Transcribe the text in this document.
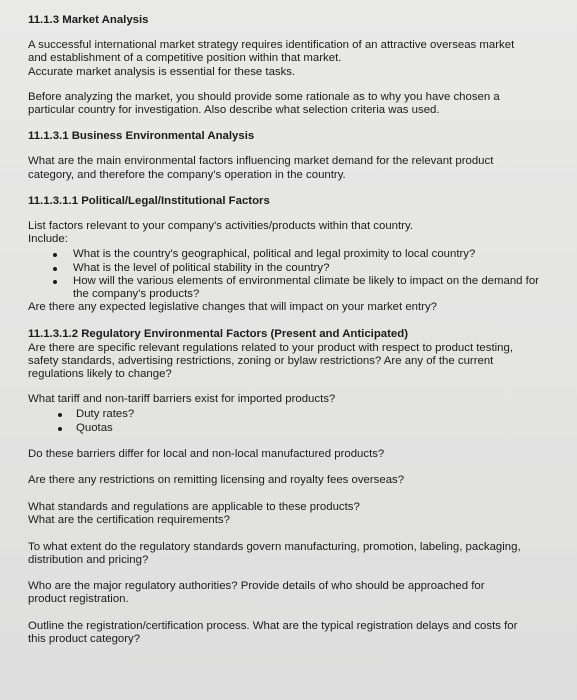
11.1.3 Market Analysis

A successful international market strategy requires identification of an attractive overseas market

and establishment of a competitive position within that market.

Accurate market analysis is essential for these tasks.

Before analyzing the market, you should provide some rationale as to why you have chosen a

particular country for investigation. Also describe what selection criteria was used.

11.1.3.1 Business Environmental Analysis

What are the main environmental factors influencing market demand for the relevant product

category, and therefore the company's operation in the country.

11.1.3.1.1 Political/Legal/Institutional Factors

List factors relevant to your company's activities/products within that country.

Include:

What is the country's geographical, political and legal proximity to local country?
What is the level of political stability in the country?
How will the various elements of environmental climate be likely to impact on the demand for the company's products?

Are there any expected legislative changes that will impact on your market entry?

11.1.3.1.2 Regulatory Environmental Factors (Present and Anticipated)

Are there are specific relevant regulations related to your product with respect to product testing,

safety standards, advertising restrictions, zoning or bylaw restrictions? Are any of the current

regulations likely to change?

What tariff and non-tariff barriers exist for imported products?

Duty rates?
Quotas

Do these barriers differ for local and non-local manufactured products?

Are there any restrictions on remitting licensing and royalty fees overseas?

What standards and regulations are applicable to these products?

What are the certification requirements?

To what extent do the regulatory standards govern manufacturing, promotion, labeling, packaging,

distribution and pricing?

Who are the major regulatory authorities? Provide details of who should be approached for

product registration.

Outline the registration/certification process. What are the typical registration delays and costs for

this product category?
